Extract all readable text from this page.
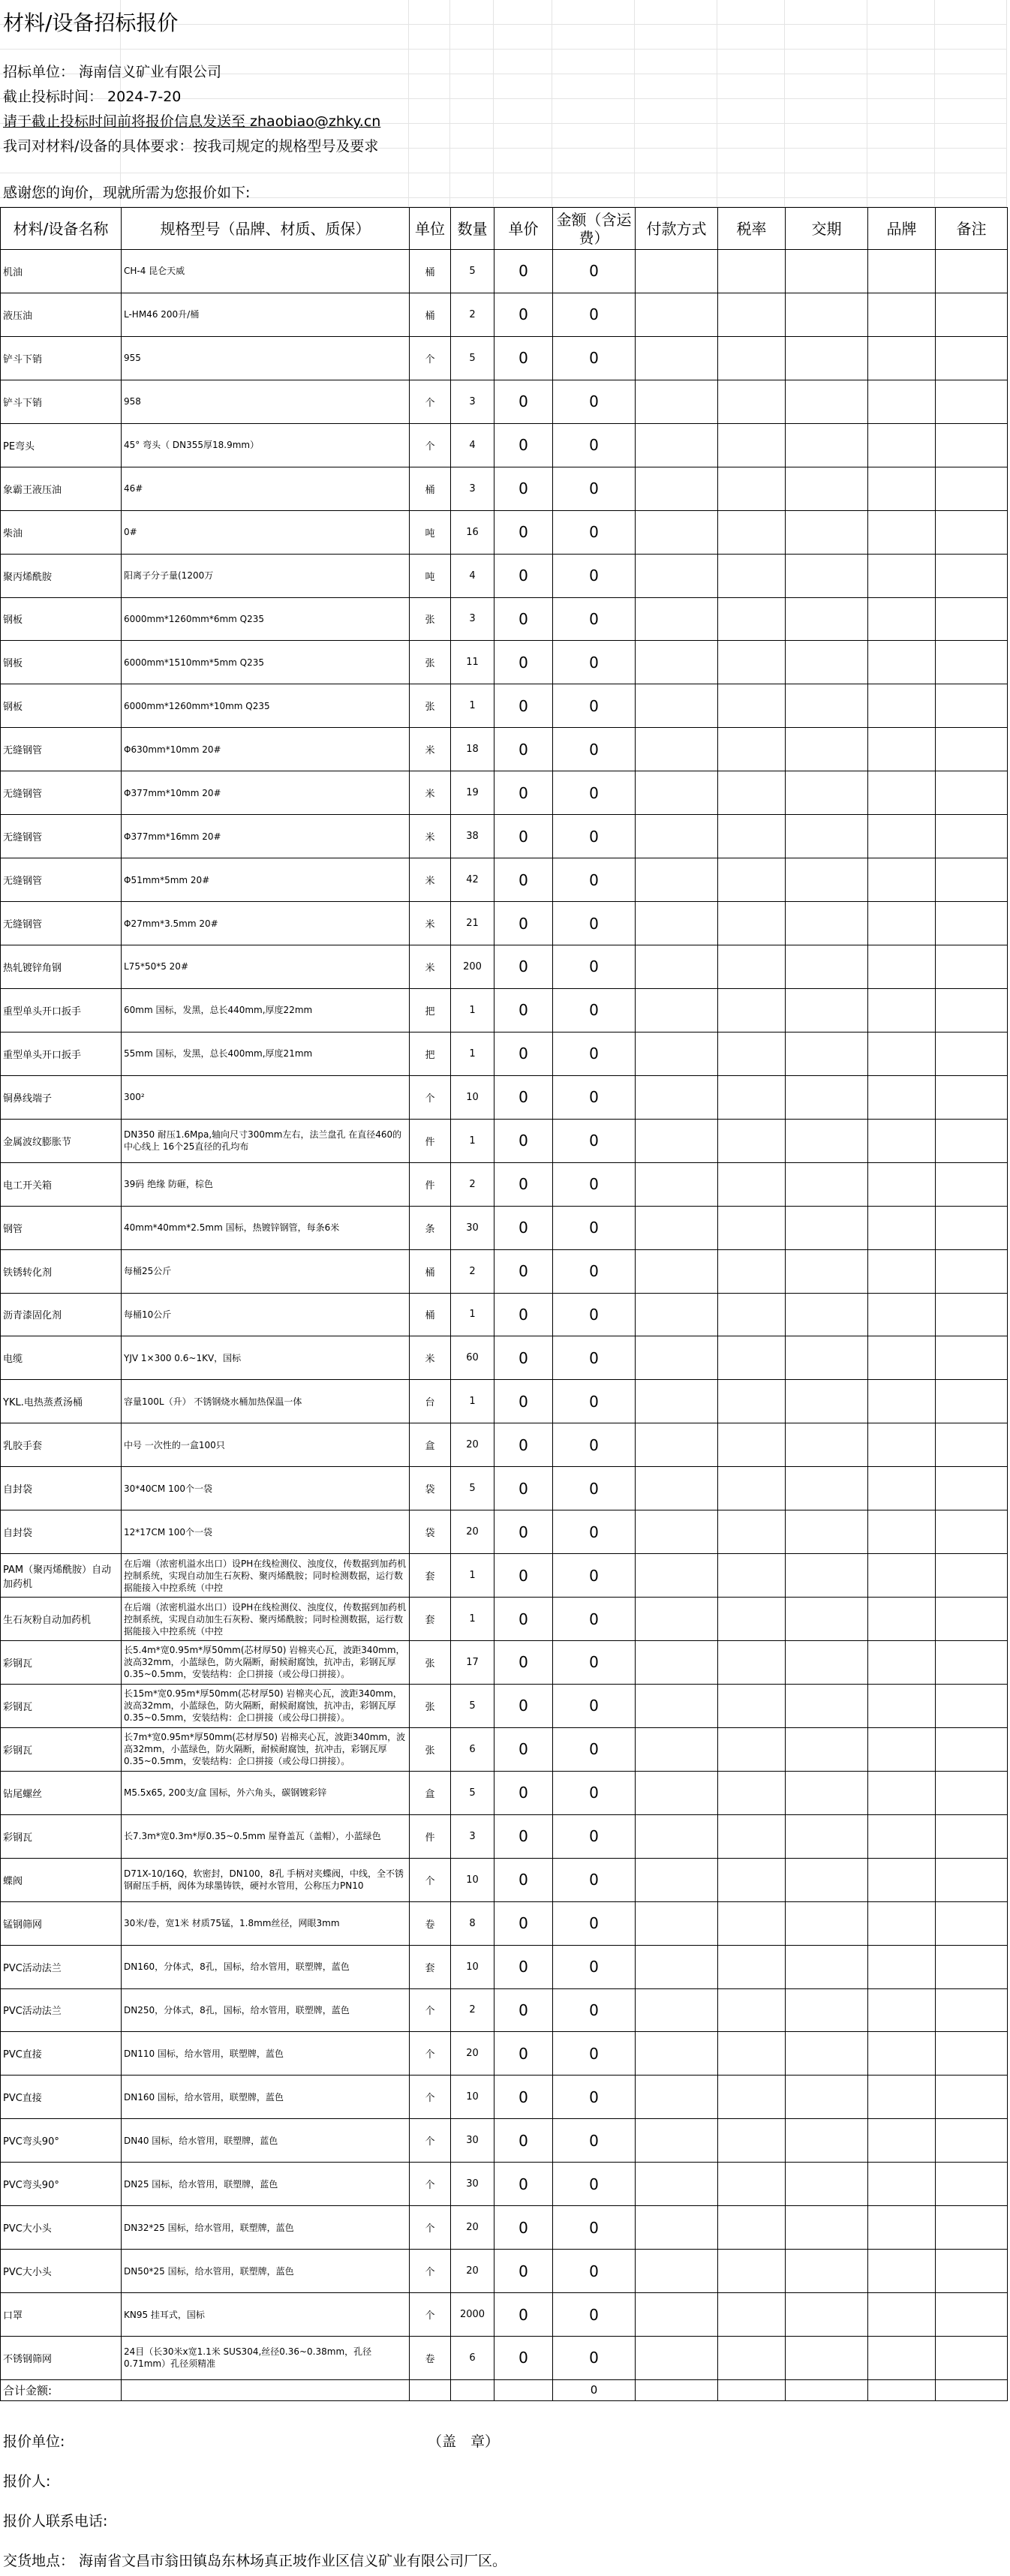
材料/设备招标报价
招标单位： 海南信义矿业有限公司
截止投标时间： 2024-7-20
请于截止投标时间前将报价信息发送至 zhaobiao@zhky.cn
我司对材料/设备的具体要求：按我司规定的规格型号及要求
感谢您的询价，现就所需为您报价如下:
材料/设备名称	规格型号（品牌、材质、质保）	单位	数量	单价	金额（含运费）	付款方式	税率	交期	品牌	备注
机油	CH-4 昆仑天威	桶	5	0	0					
液压油	L-HM46 200升/桶	桶	2	0	0					
铲斗下销	955	个	5	0	0					
铲斗下销	958	个	3	0	0					
PE弯头	45° 弯头（ DN355厚18.9mm）	个	4	0	0					
象霸王液压油	46#	桶	3	0	0					
柴油	0#	吨	16	0	0					
聚丙烯酰胺	阳离子分子量(1200万	吨	4	0	0					
钢板	6000mm*1260mm*6mm Q235	张	3	0	0					
钢板	6000mm*1510mm*5mm Q235	张	11	0	0					
钢板	6000mm*1260mm*10mm Q235	张	1	0	0					
无缝钢管	Φ630mm*10mm 20#	米	18	0	0					
无缝钢管	Φ377mm*10mm 20#	米	19	0	0					
无缝钢管	Φ377mm*16mm 20#	米	38	0	0					
无缝钢管	Φ51mm*5mm 20#	米	42	0	0					
无缝钢管	Φ27mm*3.5mm 20#	米	21	0	0					
热轧镀锌角钢	L75*50*5 20#	米	200	0	0					
重型单头开口扳手	60mm 国标，发黑，总长440mm,厚度22mm	把	1	0	0					
重型单头开口扳手	55mm 国标，发黑，总长400mm,厚度21mm	把	1	0	0					
铜鼻线端子	300²	个	10	0	0					
金属波纹膨胀节	DN350 耐压1.6Mpa,轴向尺寸300mm左右，法兰盘孔 在直径460的中心线上 16个25直径的孔均布	件	1	0	0					
电工开关箱	39码 绝缘 防砸，棕色	件	2	0	0					
钢管	40mm*40mm*2.5mm 国标，热镀锌钢管，每条6米	条	30	0	0					
铁锈转化剂	每桶25公斤	桶	2	0	0					
沥青漆固化剂	每桶10公斤	桶	1	0	0					
电缆	YJV 1×300 0.6~1KV，国标	米	60	0	0					
YKL.电热蒸煮汤桶	容量100L（升） 不锈钢烧水桶加热保温一体	台	1	0	0					
乳胶手套	中号 一次性的一盒100只	盒	20	0	0					
自封袋	30*40CM 100个一袋	袋	5	0	0					
自封袋	12*17CM 100个一袋	袋	20	0	0					
PAM（聚丙烯酰胺）自动加药机	在后端（浓密机溢水出口）设PH在线检测仪、浊度仪，传数据到加药机控制系统，实现自动加生石灰粉、聚丙烯酰胺；同时检测数据，运行数据能接入中控系统（中控	套	1	0	0					
生石灰粉自动加药机	在后端（浓密机溢水出口）设PH在线检测仪、浊度仪，传数据到加药机控制系统，实现自动加生石灰粉、聚丙烯酰胺；同时检测数据，运行数据能接入中控系统（中控	套	1	0	0					
彩钢瓦	长5.4m*宽0.95m*厚50mm(芯材厚50) 岩棉夹心瓦，波距340mm，波高32mm，小蓝绿色，防火隔断，耐候耐腐蚀，抗冲击，彩钢瓦厚0.35~0.5mm，安装结构：企口拼接（或公母口拼接）。	张	17	0	0					
彩钢瓦	长15m*宽0.95m*厚50mm(芯材厚50) 岩棉夹心瓦，波距340mm，波高32mm，小蓝绿色，防火隔断，耐候耐腐蚀，抗冲击，彩钢瓦厚0.35~0.5mm，安装结构：企口拼接（或公母口拼接）。	张	5	0	0					
彩钢瓦	长7m*宽0.95m*厚50mm(芯材厚50) 岩棉夹心瓦，波距340mm，波高32mm，小蓝绿色，防火隔断，耐候耐腐蚀，抗冲击，彩钢瓦厚0.35~0.5mm，安装结构：企口拼接（或公母口拼接）。	张	6	0	0					
钻尾螺丝	M5.5x65, 200支/盒 国标，外六角头，碳钢镀彩锌	盒	5	0	0					
彩钢瓦	长7.3m*宽0.3m*厚0.35~0.5mm 屋脊盖瓦（盖帽），小蓝绿色	件	3	0	0					
蝶阀	D71X-10/16Q，软密封，DN100，8孔 手柄对夹蝶阀，中线，全不锈钢耐压手柄，阀体为球墨铸铁，硬衬水管用，公称压力PN10	个	10	0	0					
锰钢筛网	30米/卷，宽1米 材质75锰，1.8mm丝径，网眼3mm	卷	8	0	0					
PVC活动法兰	DN160，分体式，8孔，国标，给水管用，联塑牌，蓝色	套	10	0	0					
PVC活动法兰	DN250，分体式，8孔，国标，给水管用，联塑牌，蓝色	个	2	0	0					
PVC直接	DN110 国标，给水管用，联塑牌，蓝色	个	20	0	0					
PVC直接	DN160 国标，给水管用，联塑牌，蓝色	个	10	0	0					
PVC弯头90°	DN40 国标，给水管用，联塑牌，蓝色	个	30	0	0					
PVC弯头90°	DN25 国标，给水管用，联塑牌，蓝色	个	30	0	0					
PVC大小头	DN32*25 国标，给水管用，联塑牌，蓝色	个	20	0	0					
PVC大小头	DN50*25 国标，给水管用，联塑牌，蓝色	个	20	0	0					
口罩	KN95 挂耳式，国标	个	2000	0	0					
不锈钢筛网	24目（长30米x宽1.1米 SUS304,丝径0.36~0.38mm，孔径0.71mm）孔径须精准	卷	6	0	0					
合计金额:					0					
报价单位:	（盖　章）
报价人:
报价人联系电话:
交货地点： 海南省文昌市翁田镇岛东林场真正坡作业区信义矿业有限公司厂区。
